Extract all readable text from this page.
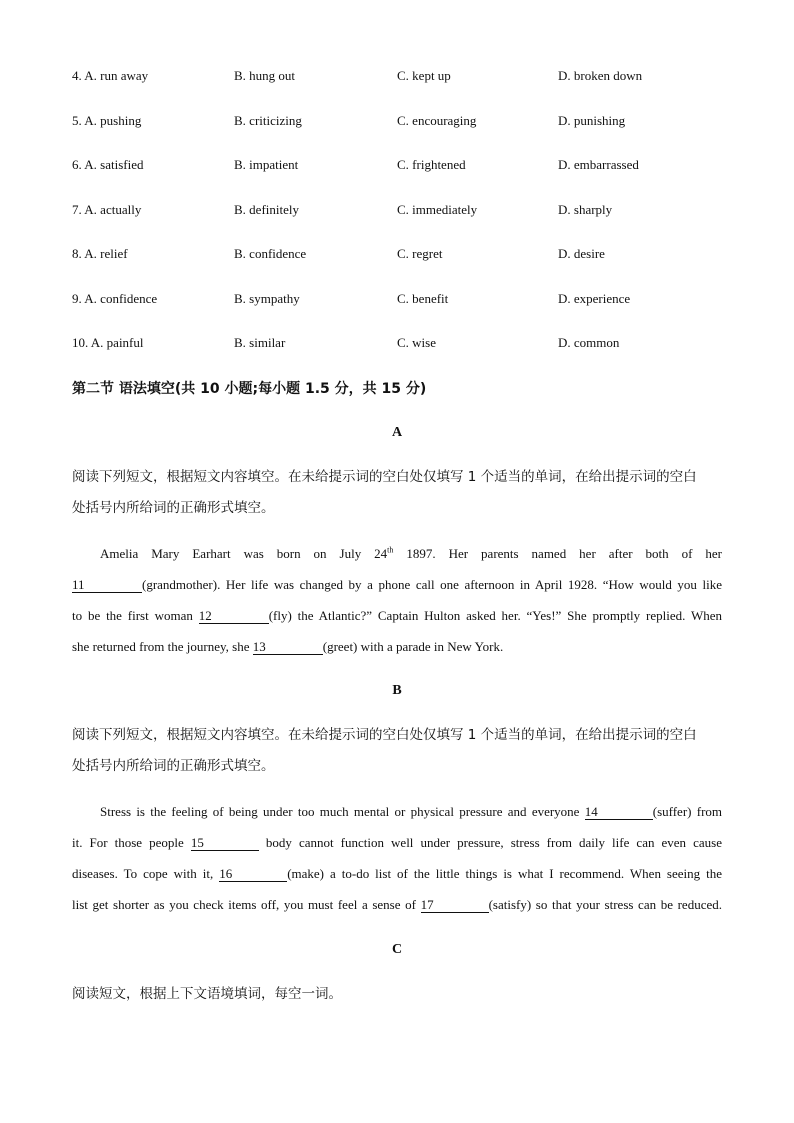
4. A. run away	B. hung out	C. kept up	D. broken down
5. A. pushing	B. criticizing	C. encouraging	D. punishing
6. A. satisfied	B. impatient	C. frightened	D. embarrassed
7. A. actually	B. definitely	C. immediately	D. sharply
8. A. relief	B. confidence	C. regret	D. desire
9. A. confidence	B. sympathy	C. benefit	D. experience
10. A. painful	B. similar	C. wise	D. common
第二节 语法填空(共 10 小题;每小题 1.5 分，共 15 分)
A
阅读下列短文，根据短文内容填空。在未给提示词的空白处仅填写 1 个适当的单词，在给出提示词的空白
处括号内所给词的正确形式填空。
Amelia Mary Earhart was born on July 24th 1897. Her parents named her after both of her
11	(grandmother). Her life was changed by a phone call one afternoon in April 1928. “How would you like
to be the first woman 12	(fly) the Atlantic?” Captain Hulton asked her. “Yes!” She promptly replied. When
she returned from the journey, she 13	(greet) with a parade in New York.
B
阅读下列短文，根据短文内容填空。在未给提示词的空白处仅填写 1 个适当的单词，在给出提示词的空白
处括号内所给词的正确形式填空。
Stress is the feeling of being under too much mental or physical pressure and everyone 14	(suffer) from
it. For those people 15	body cannot function well under pressure, stress from daily life can even cause
diseases. To cope with it, 16	(make) a to-do list of the little things is what I recommend. When seeing the
list get shorter as you check items off, you must feel a sense of 17	(satisfy) so that your stress can be reduced.
C
阅读短文，根据上下文语境填词，每空一词。
